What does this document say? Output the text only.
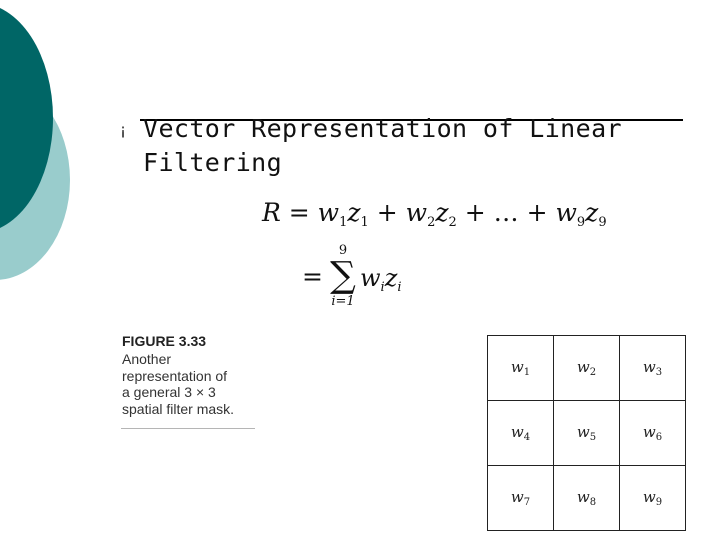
¡ Vector Representation of Linear
Filtering
$R = w_1z_1 + w_2z_2$ + … + $w_9z_9$
=
9
∑
i=1
$w_iz_i$
FIGURE 3.33
Another
representation of
a general 3 × 3
spatial filter mask.
$w_1$	$w_2$	$w_3$
$w_4$	$w_5$	$w_6$
$w_7$	$w_8$	$w_9$
